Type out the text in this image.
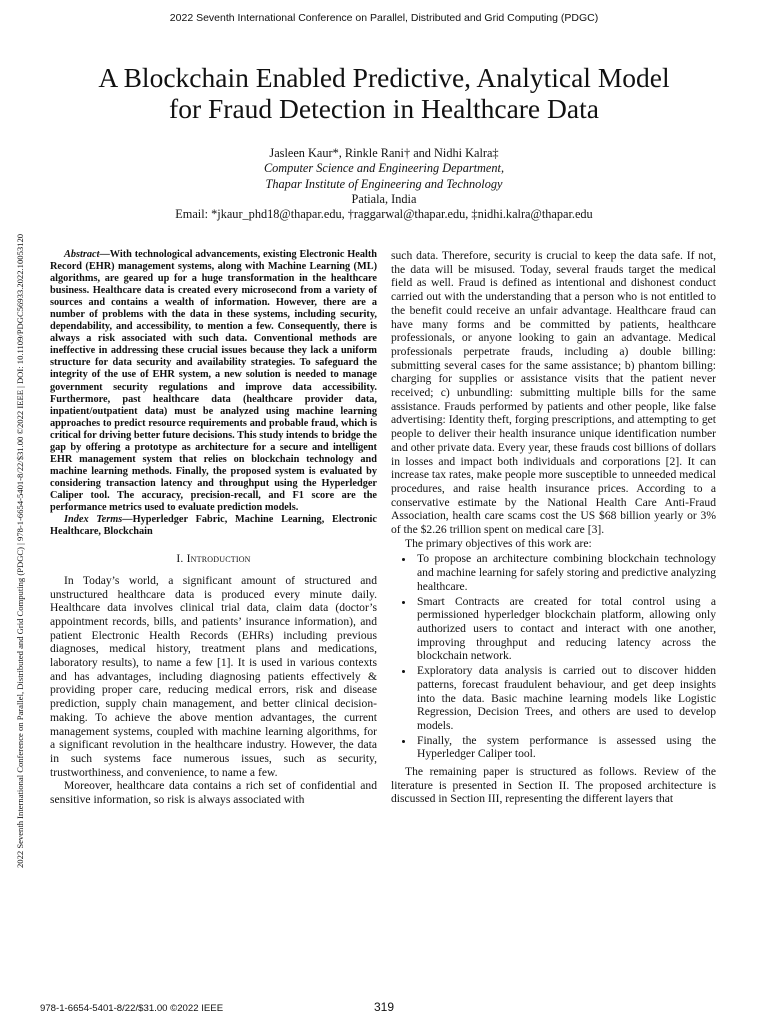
2022 Seventh International Conference on Parallel, Distributed and Grid Computing (PDGC)
2022 Seventh International Conference on Parallel, Distributed and Grid Computing (PDGC) | 978-1-6654-5401-8/22/$31.00 ©2022 IEEE | DOI: 10.1109/PDGC56933.2022.10053120
A Blockchain Enabled Predictive, Analytical Model
for Fraud Detection in Healthcare Data
Jasleen Kaur*, Rinkle Rani† and Nidhi Kalra‡
Computer Science and Engineering Department,
Thapar Institute of Engineering and Technology
Patiala, India
Email: *jkaur_phd18@thapar.edu, †raggarwal@thapar.edu, ‡nidhi.kalra@thapar.edu

Abstract—With technological advancements, existing Electronic Health Record (EHR) management systems, along with Machine Learning (ML) algorithms, are geared up for a huge transformation in the healthcare business. Healthcare data is created every microsecond from a variety of sources and contains a wealth of information. However, there are a number of problems with the data in these systems, including security, dependability, and accessibility, to mention a few. Consequently, there is always a risk associated with such data. Conventional methods are ineffective in addressing these crucial issues because they lack a uniform structure for data security and availability strategies. To safeguard the integrity of the use of EHR system, a new solution is needed to manage government security regulations and improve data accessibility. Furthermore, past healthcare data (healthcare provider data, inpatient/outpatient data) must be analyzed using machine learning approaches to predict resource requirements and probable fraud, which is critical for driving better future decisions. This study intends to bridge the gap by offering a prototype as architecture for a secure and intelligent EHR management system that relies on blockchain technology and machine learning methods. Finally, the proposed system is evaluated by considering transaction latency and throughput using the Hyperledger Caliper tool. The accuracy, precision-recall, and F1 score are the performance metrics used to evaluate prediction models.

Index Terms—Hyperledger Fabric, Machine Learning, Electronic Healthcare, Blockchain

I. Introduction

In Today’s world, a significant amount of structured and unstructured healthcare data is produced every minute daily. Healthcare data involves clinical trial data, claim data (doctor’s appointment records, bills, and patients’ insurance information), and patient Electronic Health Records (EHRs) including previous diagnoses, medical history, treatment plans and medications, laboratory results), to name a few [1]. It is used in various contexts and has advantages, including diagnosing patients effectively & providing proper care, reducing medical errors, risk and disease prediction, supply chain management, and better clinical decision-making. To achieve the above mention advantages, the current management systems, coupled with machine learning algorithms, for a significant revolution in the healthcare industry. However, the data in such systems face numerous issues, such as security, trustworthiness, and convenience, to name a few.

Moreover, healthcare data contains a rich set of confidential and sensitive information, so risk is always associated with

such data. Therefore, security is crucial to keep the data safe. If not, the data will be misused. Today, several frauds target the medical field as well. Fraud is defined as intentional and dishonest conduct carried out with the understanding that a person who is not entitled to the benefit could receive an unfair advantage. Healthcare fraud can have many forms and be committed by patients, healthcare professionals, or anyone looking to gain an advantage. Medical professionals perpetrate frauds, including a) double billing: submitting several cases for the same assistance; b) phantom billing: charging for supplies or assistance visits that the patient never received; c) unbundling: submitting multiple bills for the same assistance. Frauds performed by patients and other people, like false advertising: Identity theft, forging prescriptions, and attempting to get people to deliver their health insurance unique identification number and other private data. Every year, these frauds cost billions of dollars in losses and impact both individuals and corporations [2]. It can increase tax rates, make people more susceptible to unneeded medical procedures, and raise health insurance prices. According to a conservative estimate by the National Health Care Anti-Fraud Association, health care scams cost the US $68 billion yearly or 3% of the $2.26 trillion spent on medical care [3].

The primary objectives of this work are:

• To propose an architecture combining blockchain technology and machine learning for safely storing and predictive analyzing healthcare.
• Smart Contracts are created for total control using a permissioned hyperledger blockchain platform, allowing only authorized users to contact and interact with one another, improving throughput and reducing latency across the blockchain network.
• Exploratory data analysis is carried out to discover hidden patterns, forecast fraudulent behaviour, and get deep insights into the data. Basic machine learning models like Logistic Regression, Decision Trees, and others are used to develop models.
• Finally, the system performance is assessed using the Hyperledger Caliper tool.

The remaining paper is structured as follows. Review of the literature is presented in Section II. The proposed architecture is discussed in Section III, representing the different layers that

978-1-6654-5401-8/22/$31.00 ©2022 IEEE	319
